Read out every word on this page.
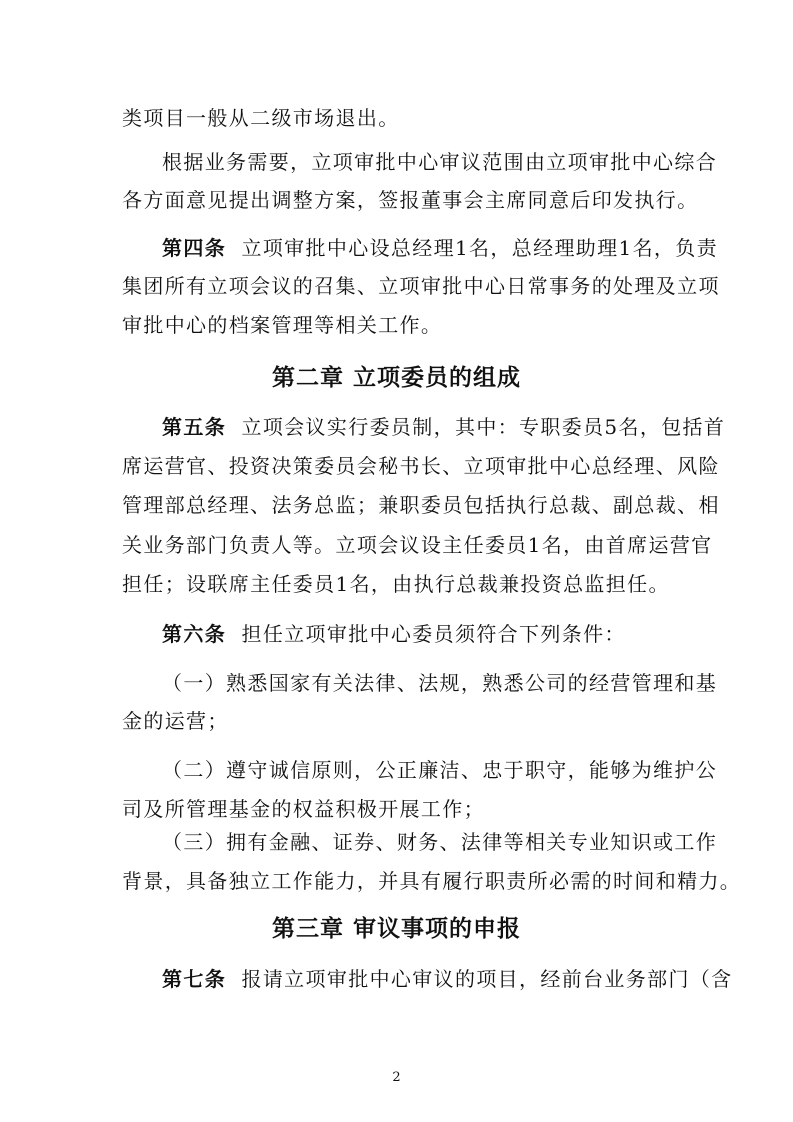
类项目一般从二级市场退出。
根据业务需要，立项审批中心审议范围由立项审批中心综合
各方面意见提出调整方案，签报董事会主席同意后印发执行。
第四条 立项审批中心设总经理1名，总经理助理1名，负责
集团所有立项会议的召集、立项审批中心日常事务的处理及立项
审批中心的档案管理等相关工作。
第二章 立项委员的组成
第五条 立项会议实行委员制，其中：专职委员5名，包括首
席运营官、投资决策委员会秘书长、立项审批中心总经理、风险
管理部总经理、法务总监；兼职委员包括执行总裁、副总裁、相
关业务部门负责人等。立项会议设主任委员1名，由首席运营官
担任；设联席主任委员1名，由执行总裁兼投资总监担任。
第六条 担任立项审批中心委员须符合下列条件：
（一）熟悉国家有关法律、法规，熟悉公司的经营管理和基
金的运营；
（二）遵守诚信原则，公正廉洁、忠于职守，能够为维护公
司及所管理基金的权益积极开展工作；
（三）拥有金融、证券、财务、法律等相关专业知识或工作
背景，具备独立工作能力，并具有履行职责所必需的时间和精力。
第三章 审议事项的申报
第七条 报请立项审批中心审议的项目，经前台业务部门（含
2
